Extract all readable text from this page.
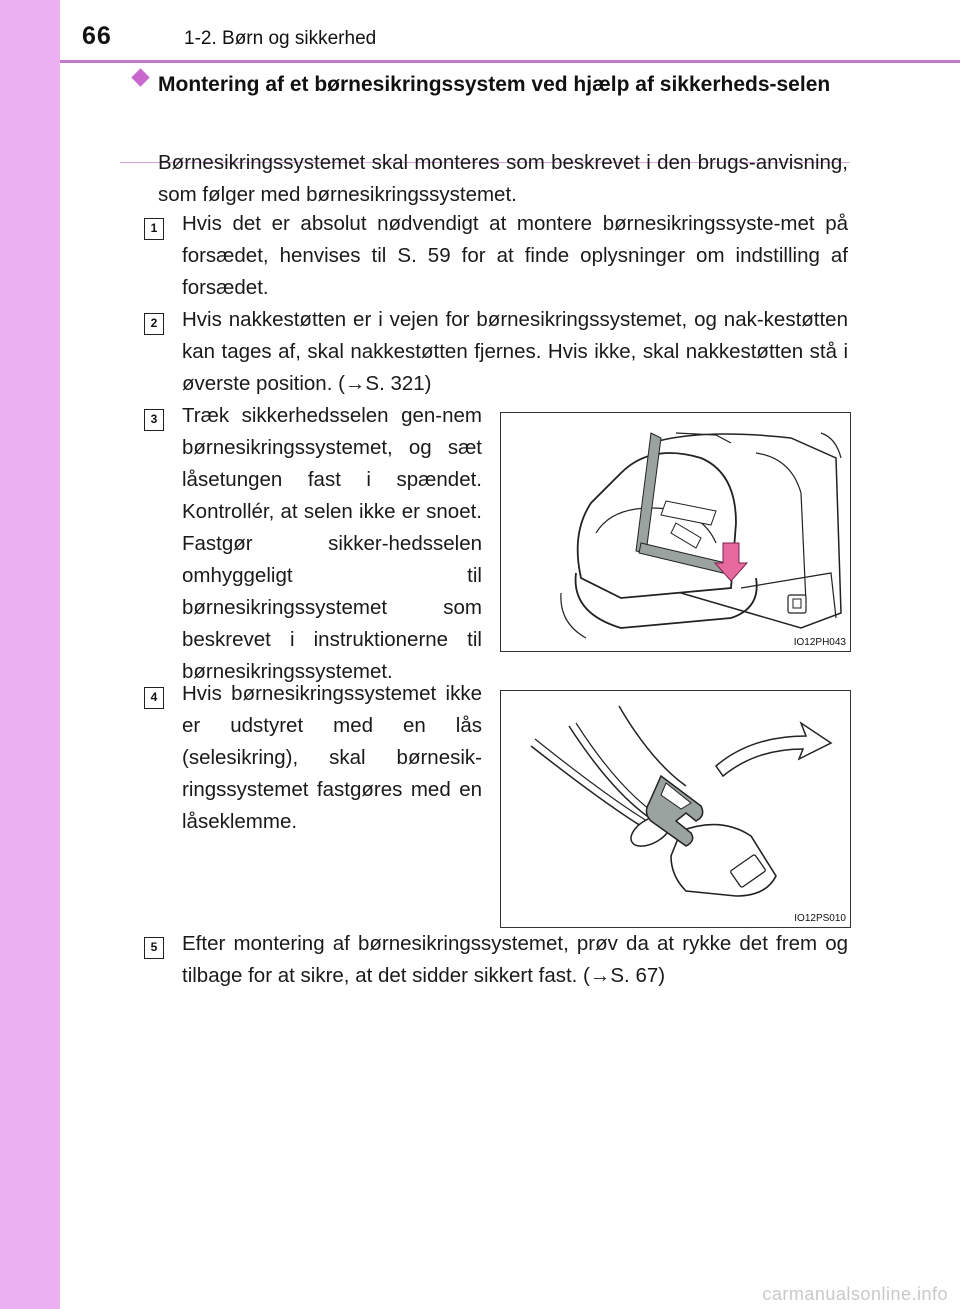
66	1-2. Børn og sikkerhed
Montering af et børnesikringssystem ved hjælp af sikkerheds-selen
Børnesikringssystemet skal monteres som beskrevet i den brugs-anvisning, som følger med børnesikringssystemet.
1	Hvis det er absolut nødvendigt at montere børnesikringssyste-met på forsædet, henvises til S. 59 for at finde oplysninger om indstilling af forsædet.
2	Hvis nakkestøtten er i vejen for børnesikringssystemet, og nak-kestøtten kan tages af, skal nakkestøtten fjernes. Hvis ikke, skal nakkestøtten stå i øverste position. (→S. 321)
3	Træk sikkerhedsselen gen-nem børnesikringssystemet, og sæt låsetungen fast i spændet. Kontrollér, at selen ikke er snoet. Fastgør sikker-hedsselen omhyggeligt til børnesikringssystemet som beskrevet i instruktionerne til børnesikringssystemet.
IO12PH043
4	Hvis børnesikringssystemet ikke er udstyret med en lås (selesikring), skal børnesik-ringssystemet fastgøres med en låseklemme.
IO12PS010
5	Efter montering af børnesikringssystemet, prøv da at rykke det frem og tilbage for at sikre, at det sidder sikkert fast. (→S. 67)
carmanualsonline.info
